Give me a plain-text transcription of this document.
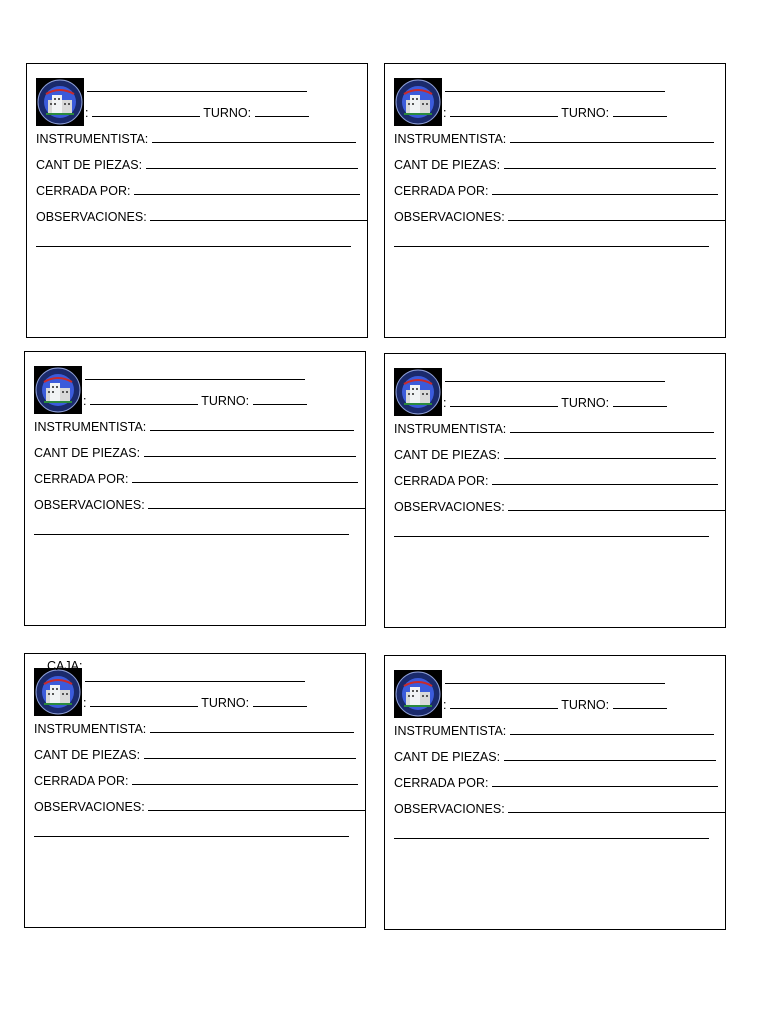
:	TURNO:
INSTRUMENTISTA:
CANT DE PIEZAS:
CERRADA POR:
OBSERVACIONES:
:	TURNO:
INSTRUMENTISTA:
CANT DE PIEZAS:
CERRADA POR:
OBSERVACIONES:
:	TURNO:
INSTRUMENTISTA:
CANT DE PIEZAS:
CERRADA POR:
OBSERVACIONES:
:	TURNO:
INSTRUMENTISTA:
CANT DE PIEZAS:
CERRADA POR:
OBSERVACIONES:
CAJA:
:	TURNO:
INSTRUMENTISTA:
CANT DE PIEZAS:
CERRADA POR:
OBSERVACIONES:
:	TURNO:
INSTRUMENTISTA:
CANT DE PIEZAS:
CERRADA POR:
OBSERVACIONES:
